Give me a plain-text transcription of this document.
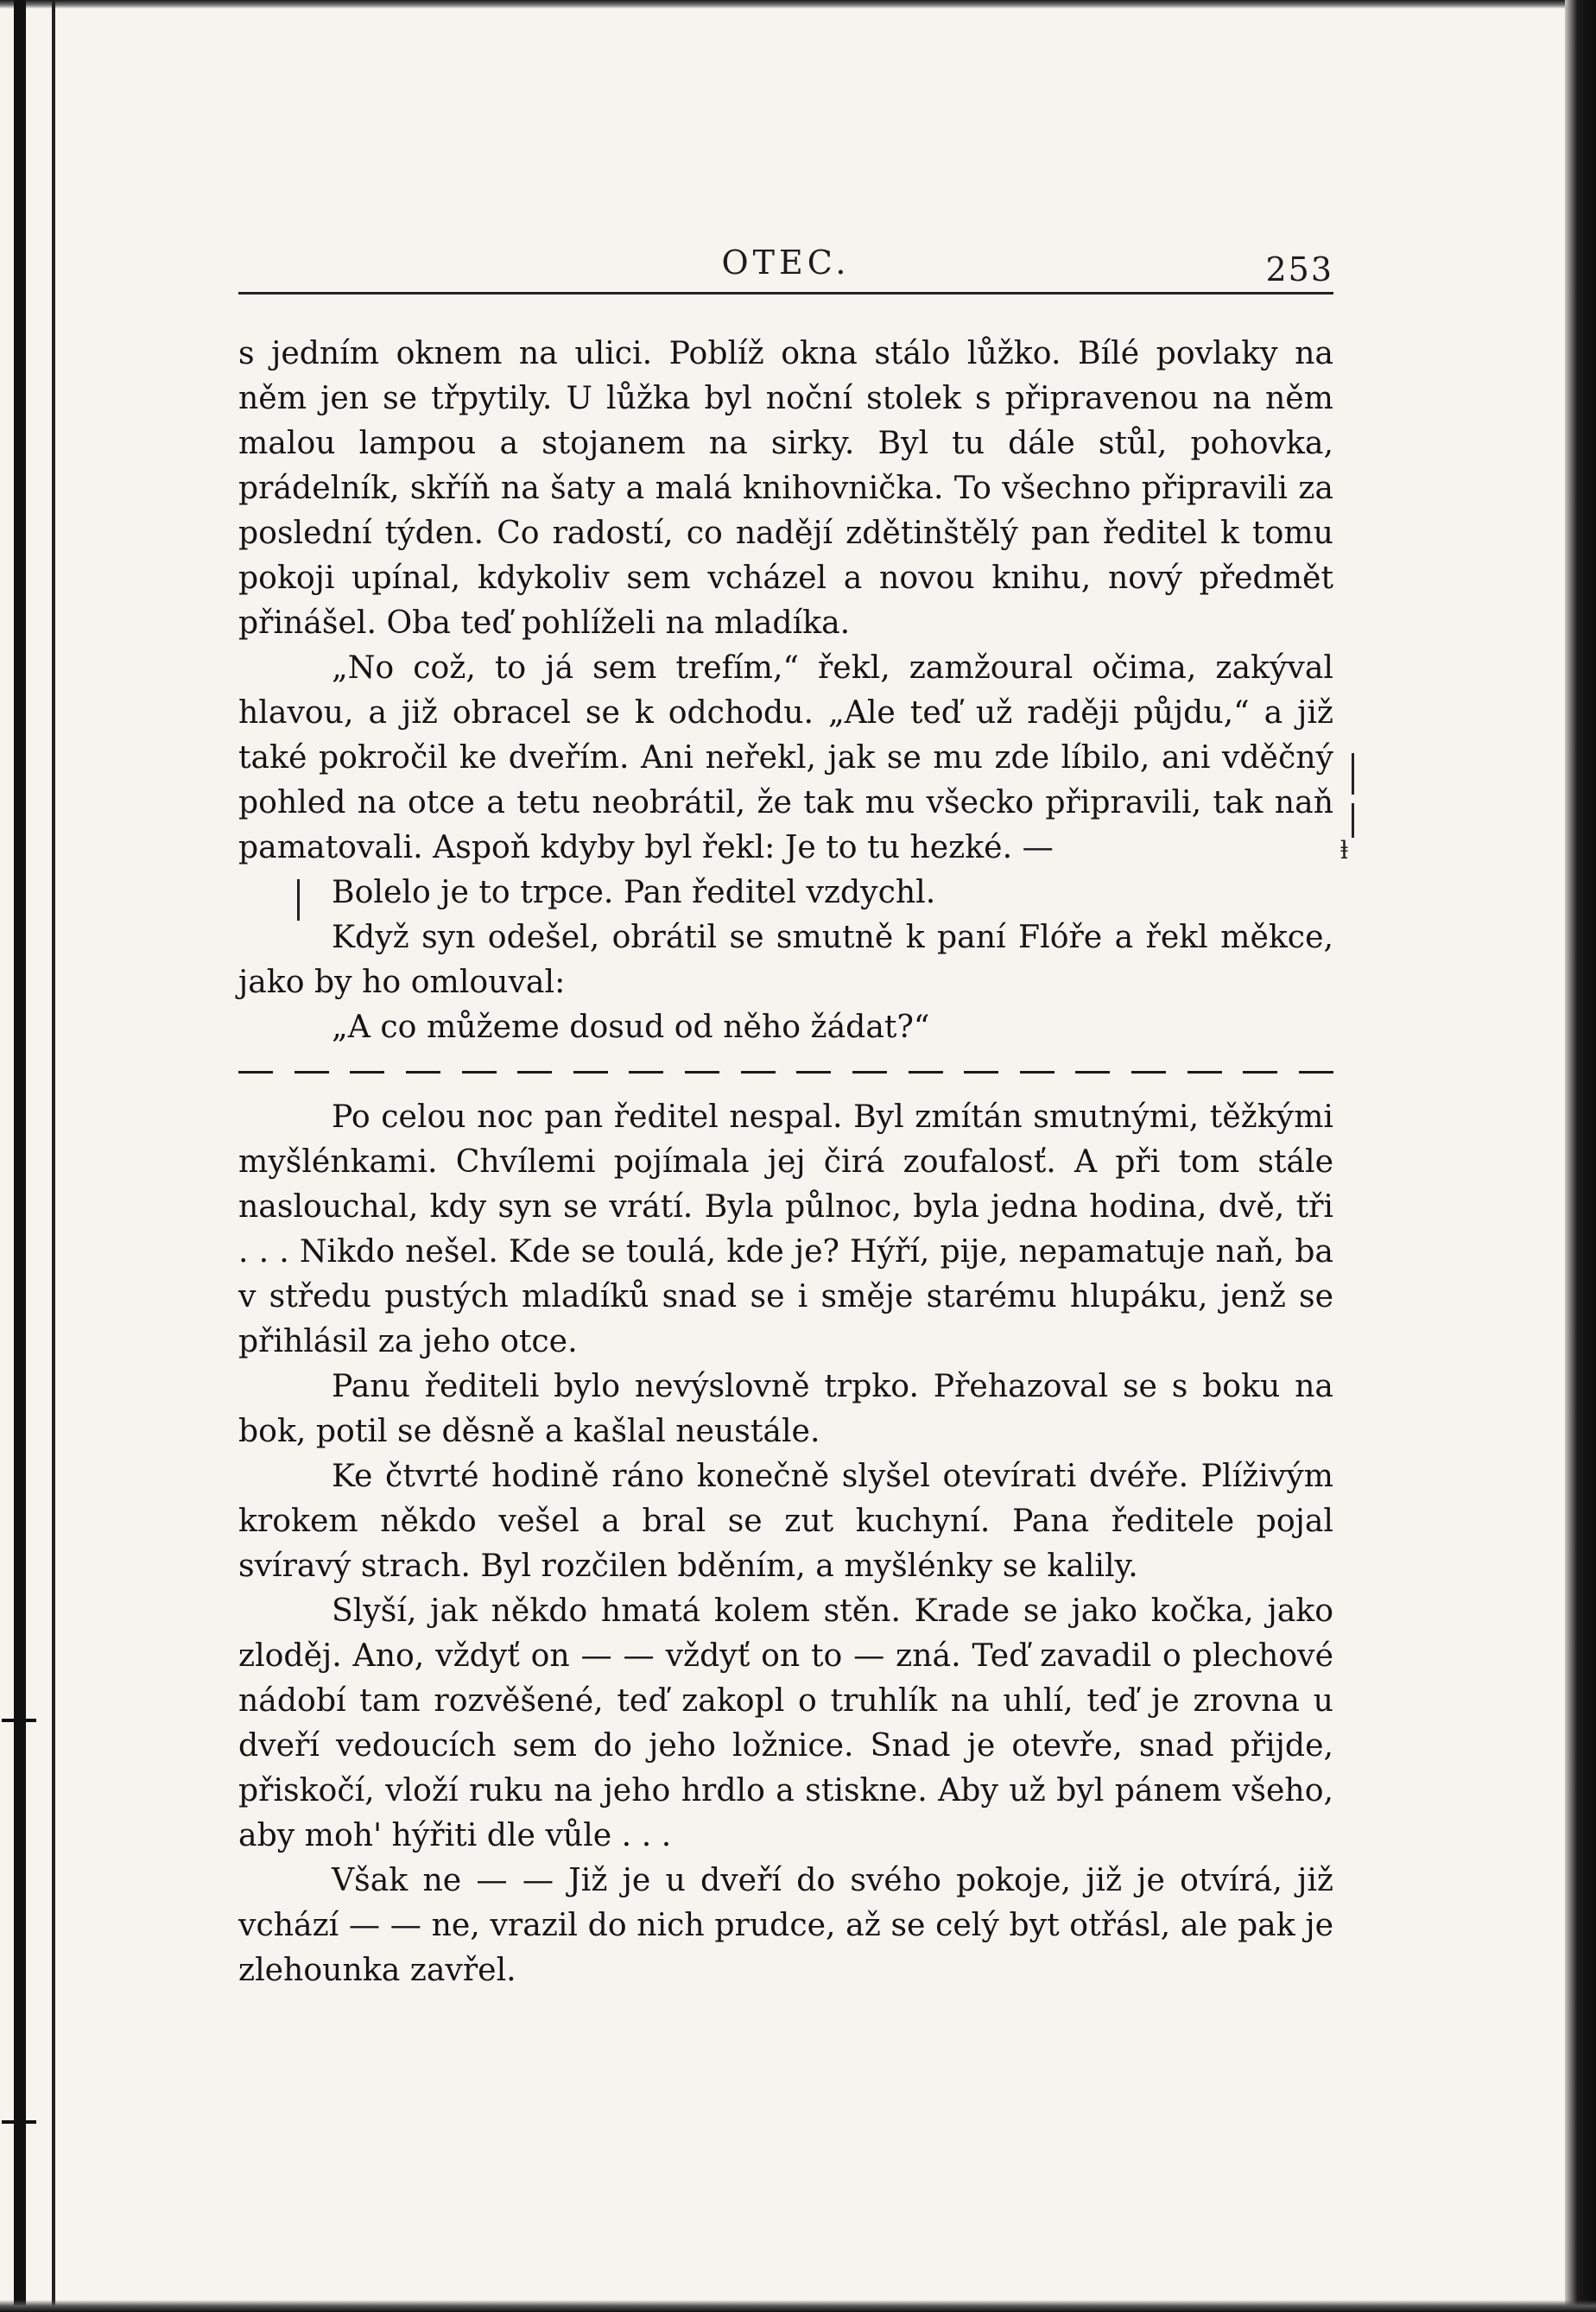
OTEC.	253

s jedním oknem na ulici. Poblíž okna stálo lůžko. Bílé povlaky na něm jen se třpytily. U lůžka byl noční stolek s připravenou na něm malou lampou a stojanem na sirky. Byl tu dále stůl, pohovka, prádelník, skříň na šaty a malá knihovnička. To všechno připravili za poslední týden. Co radostí, co nadějí zdětinštělý pan ředitel k tomu pokoji upínal, kdykoliv sem vcházel a novou knihu, nový předmět přinášel. Oba teď pohlíželi na mladíka.

„No což, to já sem trefím,“ řekl, zamžoural očima, zakýval hlavou, a již obracel se k odchodu. „Ale teď už raději půjdu,“ a již také pokročil ke dveřím. Ani neřekl, jak se mu zde líbilo, ani vděčný pohled na otce a tetu neobrátil, že tak mu všecko připravili, tak naň pamatovali. Aspoň kdyby byl řekl: Je to tu hezké. —

Bolelo je to trpce. Pan ředitel vzdychl.

Když syn odešel, obrátil se smutně k paní Flóře a řekl měkce, jako by ho omlouval:

„A co můžeme dosud od něho žádat?“

Po celou noc pan ředitel nespal. Byl zmítán smutnými, těžkými myšlénkami. Chvílemi pojímala jej čirá zoufalosť. A při tom stále naslouchal, kdy syn se vrátí. Byla půlnoc, byla jedna hodina, dvě, tři . . . Nikdo nešel. Kde se toulá, kde je? Hýří, pije, nepamatuje naň, ba v středu pustých mladíků snad se i směje starému hlupáku, jenž se přihlásil za jeho otce.

Panu řediteli bylo nevýslovně trpko. Přehazoval se s boku na bok, potil se děsně a kašlal neustále.

Ke čtvrté hodině ráno konečně slyšel otevírati dvéře. Plíživým krokem někdo vešel a bral se zut kuchyní. Pana ředitele pojal svíravý strach. Byl rozčilen bděním, a myšlénky se kalily.

Slyší, jak někdo hmatá kolem stěn. Krade se jako kočka, jako zloděj. Ano, vždyť on — — vždyť on to — zná. Teď zavadil o plechové nádobí tam rozvěšené, teď zakopl o truhlík na uhlí, teď je zrovna u dveří vedoucích sem do jeho ložnice. Snad je otevře, snad přijde, přiskočí, vloží ruku na jeho hrdlo a stiskne. Aby už byl pánem všeho, aby moh' hýřiti dle vůle . . .

Však ne — — Již je u dveří do svého pokoje, již je otvírá, již vchází — — ne, vrazil do nich prudce, až se celý byt otřásl, ale pak je zlehounka zavřel.

ⱡ
